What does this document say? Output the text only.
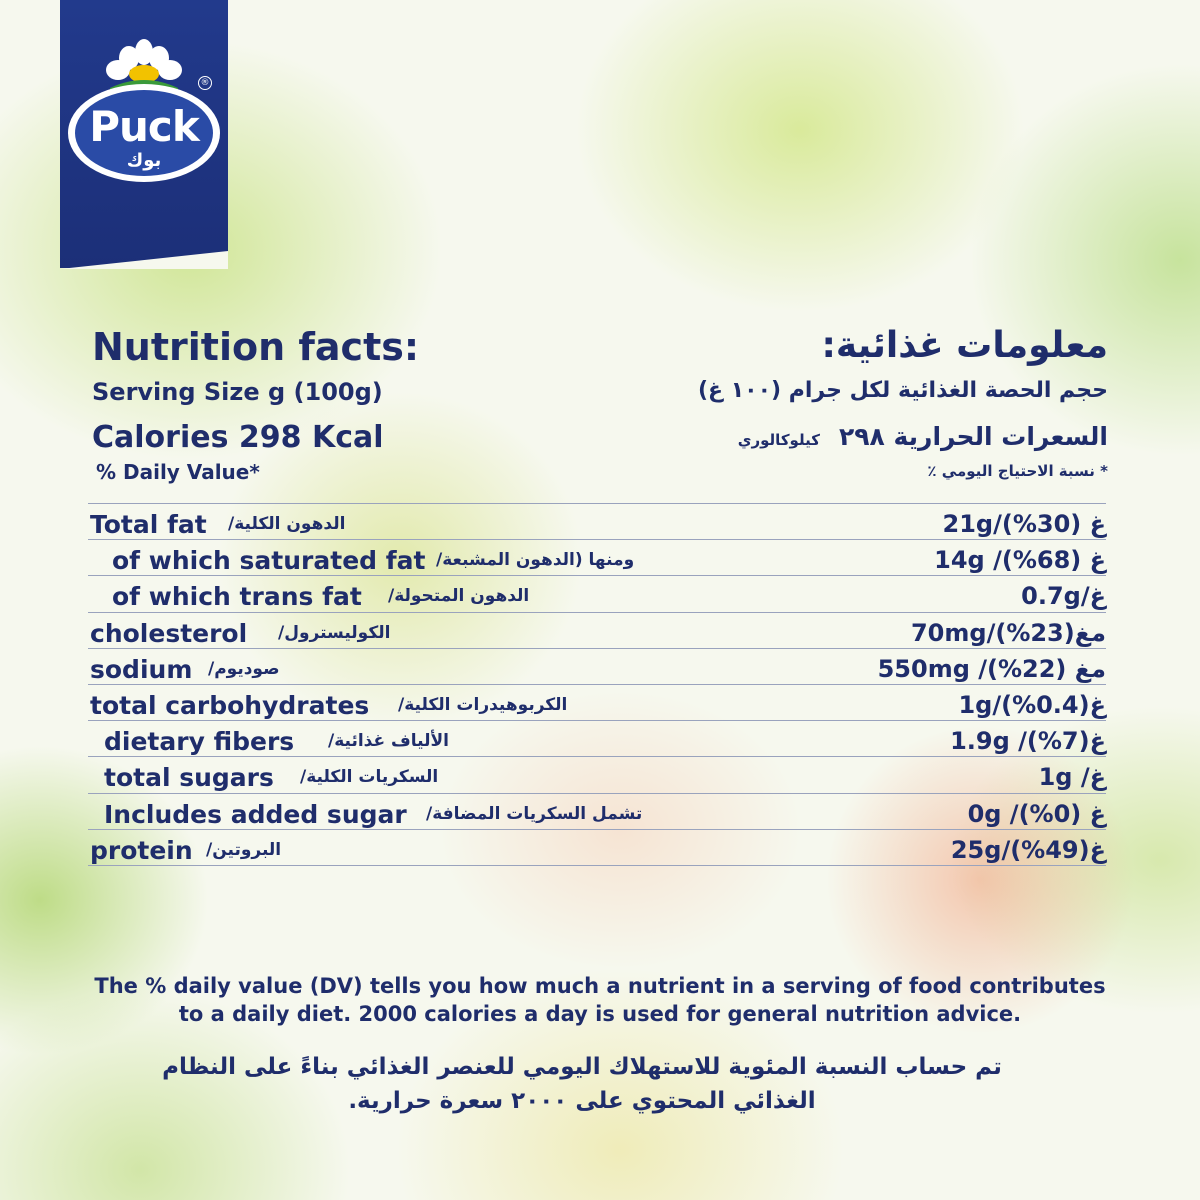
Puck
بوك
®
Nutrition facts:	معلومات غذائية:
Serving Size g (100g)	حجم الحصة الغذائية لكل جرام (١٠٠ غ)
Calories 298 Kcal	السعرات الحرارية ٢٩٨ كيلوكالوري
% Daily Value*	* نسبة الاحتياج اليومي ٪
Total fat الدهون الكلية/	21g/غ (30%)
of which saturated fat ومنها (الدهون المشبعة/	14g /غ (68%)
of which trans fat الدهون المتحولة/	0.7g/غ
cholesterol الكوليسترول/	70mg/مغ(23%)
sodium صوديوم/	550mg /مغ (22%)
total carbohydrates الكربوهيدرات الكلية/	1g/غ(0.4%)
dietary fibers الألياف غذائية/	1.9g /غ(7%)
total sugars السكريات الكلية/	1g /غ
Includes added sugar تشمل السكريات المضافة/	0g /غ (0%)
protein البروتين/	25g/غ(49%)
The % daily value (DV) tells you how much a nutrient in a serving of food contributes
to a daily diet. 2000 calories a day is used for general nutrition advice.
تم حساب النسبة المئوية للاستهلاك اليومي للعنصر الغذائي بناءً على النظام
الغذائي المحتوي على ٢٠٠٠ سعرة حرارية.
